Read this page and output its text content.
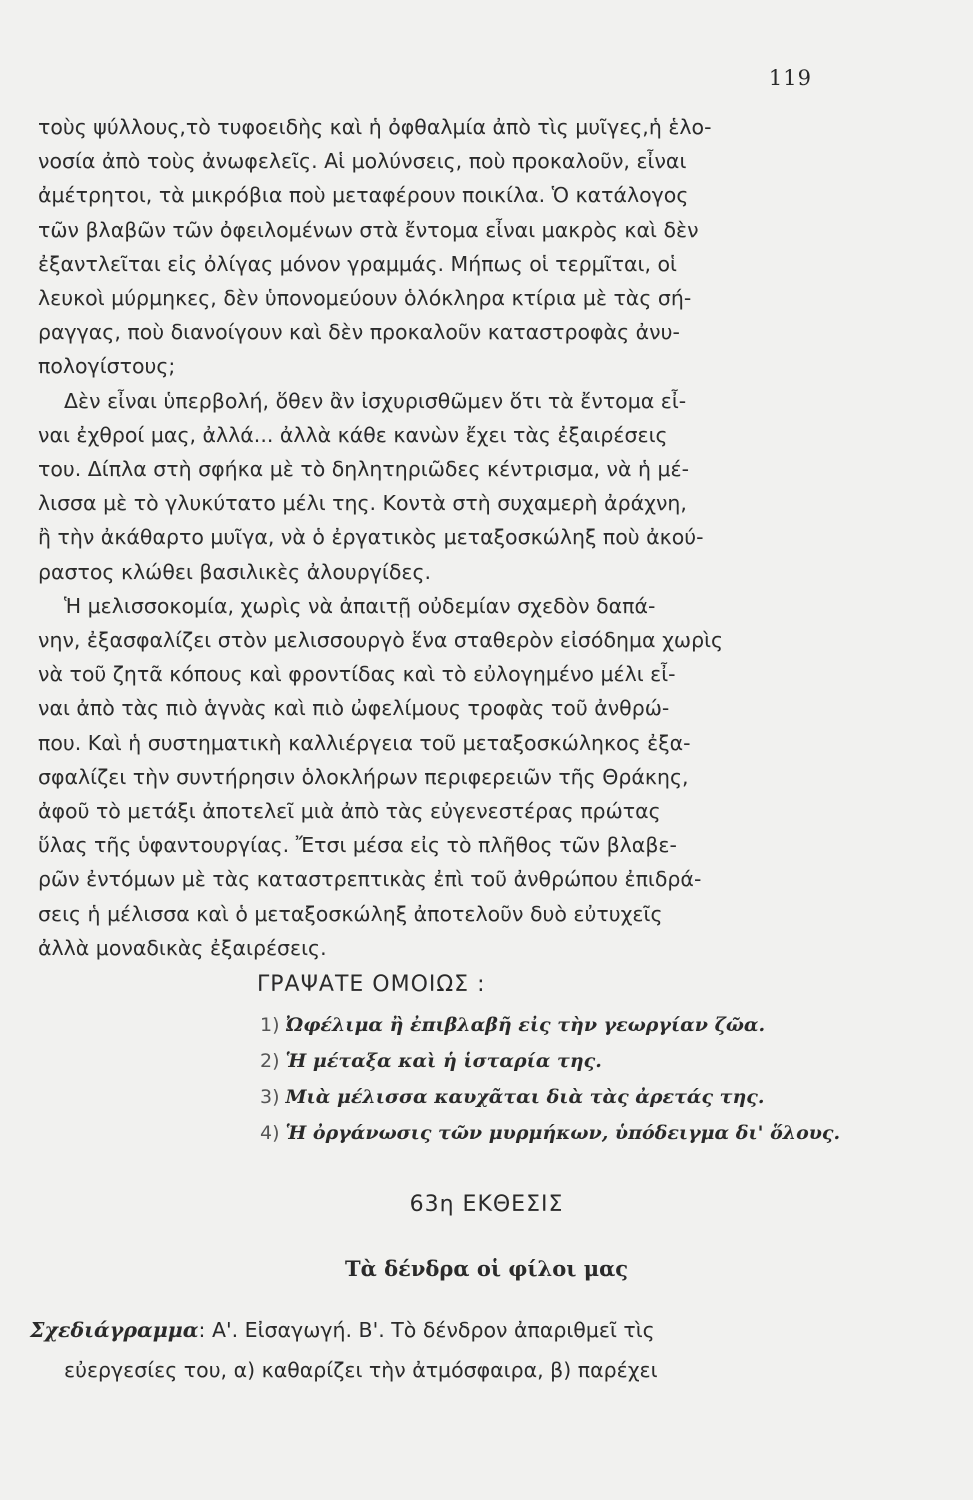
119
τοὺς ψύλλους,τὸ τυφοειδὴς καὶ ἡ ὀφθαλμία ἀπὸ τὶς μυῖγες,ἡ ἑλο-
νοσία ἀπὸ τοὺς ἀνωφελεῖς. Αἱ μολύνσεις, ποὺ προκαλοῦν, εἶναι
ἀμέτρητοι, τὰ μικρόβια ποὺ μεταφέρουν ποικίλα. Ὁ κατάλογος
τῶν βλαβῶν τῶν ὀφειλομένων στὰ ἔντομα εἶναι μακρὸς καὶ δὲν
ἐξαντλεῖται εἰς ὀλίγας μόνον γραμμάς. Μήπως οἱ τερμῖται, οἱ
λευκοὶ μύρμηκες, δὲν ὑπονομεύουν ὁλόκληρα κτίρια μὲ τὰς σή-
ραγγας, ποὺ διανοίγουν καὶ δὲν προκαλοῦν καταστροφὰς ἀνυ-
πολογίστους;
Δὲν εἶναι ὑπερβολή, ὅθεν ἂν ἰσχυρισθῶμεν ὅτι τὰ ἔντομα εἶ-
ναι ἐχθροί μας, ἀλλά... ἀλλὰ κάθε κανὼν ἔχει τὰς ἐξαιρέσεις
του. Δίπλα στὴ σφήκα μὲ τὸ δηλητηριῶδες κέντρισμα, νὰ ἡ μέ-
λισσα μὲ τὸ γλυκύτατο μέλι της. Κοντὰ στὴ συχαμερὴ ἀράχνη,
ἢ τὴν ἀκάθαρτο μυῖγα, νὰ ὁ ἐργατικὸς μεταξοσκώληξ ποὺ ἀκού-
ραστος κλώθει βασιλικὲς ἀλουργίδες.
Ἡ μελισσοκομία, χωρὶς νὰ ἀπαιτῇ οὐδεμίαν σχεδὸν δαπά-
νην, ἐξασφαλίζει στὸν μελισσουργὸ ἕνα σταθερὸν εἰσόδημα χωρὶς
νὰ τοῦ ζητᾶ κόπους καὶ φροντίδας καὶ τὸ εὐλογημένο μέλι εἶ-
ναι ἀπὸ τὰς πιὸ ἁγνὰς καὶ πιὸ ὠφελίμους τροφὰς τοῦ ἀνθρώ-
που. Καὶ ἡ συστηματικὴ καλλιέργεια τοῦ μεταξοσκώληκος ἐξα-
σφαλίζει τὴν συντήρησιν ὁλοκλήρων περιφερειῶν τῆς Θράκης,
ἀφοῦ τὸ μετάξι ἀποτελεῖ μιὰ ἀπὸ τὰς εὐγενεστέρας πρώτας
ὕλας τῆς ὑφαντουργίας. Ἔτσι μέσα εἰς τὸ πλῆθος τῶν βλαβε-
ρῶν ἐντόμων μὲ τὰς καταστρεπτικὰς ἐπὶ τοῦ ἀνθρώπου ἐπιδρά-
σεις ἡ μέλισσα καὶ ὁ μεταξοσκώληξ ἀποτελοῦν δυὸ εὐτυχεῖς
ἀλλὰ μοναδικὰς ἐξαιρέσεις.
ΓΡΑΨΑΤΕ ΟΜΟΙΩΣ :
1) Ὠφέλιμα ἢ ἐπιβλαβῆ εἰς τὴν γεωργίαν ζῶα.
2) Ἡ μέταξα καὶ ἡ ἱσταρία της.
3) Μιὰ μέλισσα καυχᾶται διὰ τὰς ἀρετάς της.
4) Ἡ ὀργάνωσις τῶν μυρμήκων, ὑπόδειγμα δι' ὅλους.
63η ΕΚΘΕΣΙΣ
Τὰ δένδρα οἱ φίλοι μας
Σχεδιάγραμμα: Α'. Εἰσαγωγή. Β'. Τὸ δένδρον ἀπαριθμεῖ τὶς
εὐεργεσίες του, α) καθαρίζει τὴν ἀτμόσφαιρα, β) παρέχει
